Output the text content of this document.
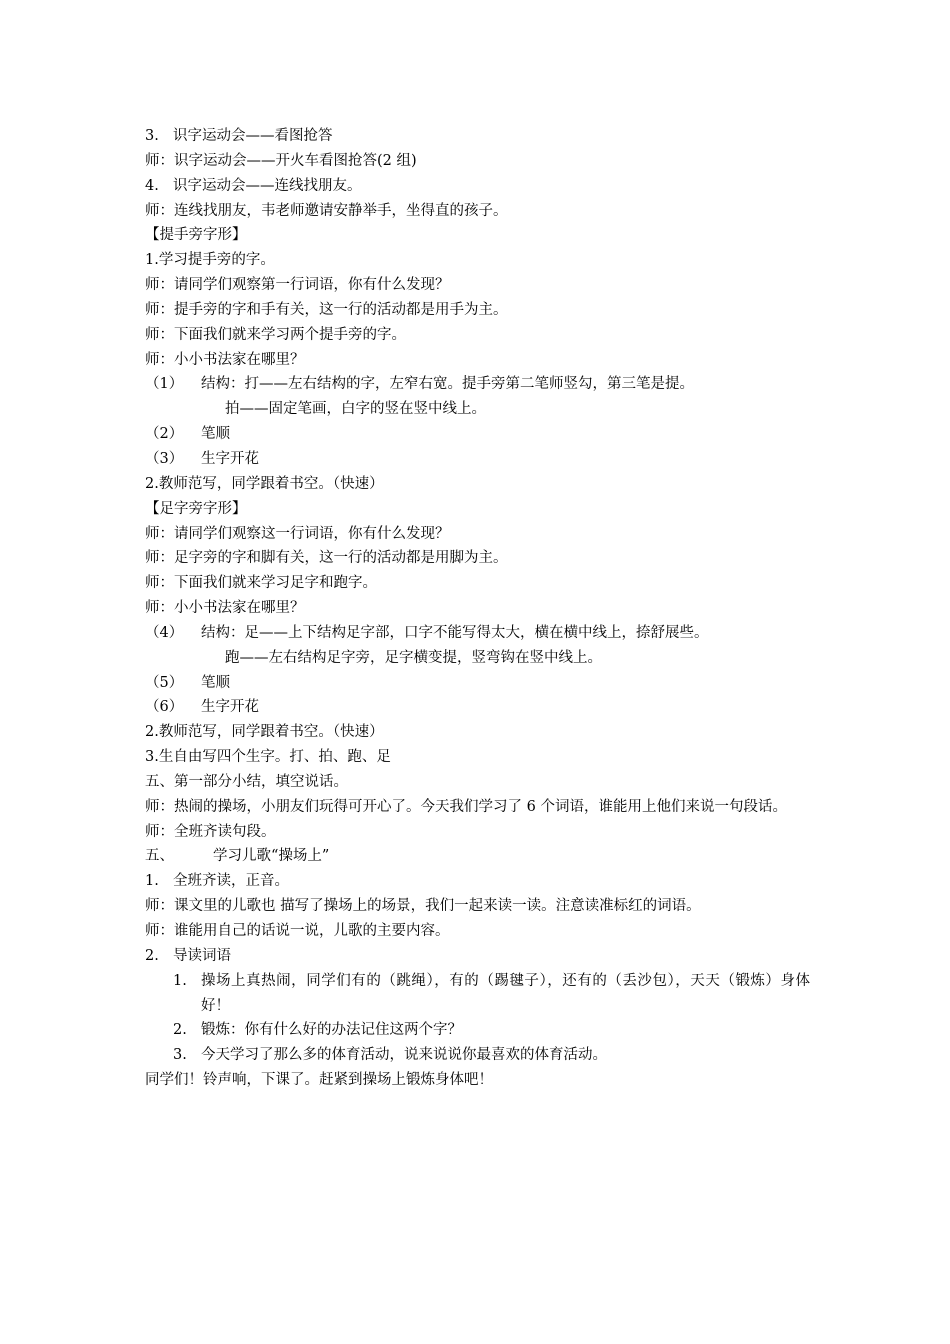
3. 识字运动会——看图抢答
师：识字运动会——开火车看图抢答(2 组)
4. 识字运动会——连线找朋友。
师：连线找朋友，韦老师邀请安静举手，坐得直的孩子。
【提手旁字形】
1.学习提手旁的字。
师：请同学们观察第一行词语，你有什么发现？
师：提手旁的字和手有关，这一行的活动都是用手为主。
师：下面我们就来学习两个提手旁的字。
师：小小书法家在哪里？
（1） 结构：打——左右结构的字，左窄右宽。提手旁第二笔师竖勾，第三笔是提。
拍——固定笔画，白字的竖在竖中线上。
（2） 笔顺
（3） 生字开花
2.教师范写，同学跟着书空。（快速）
【足字旁字形】
师：请同学们观察这一行词语，你有什么发现？
师：足字旁的字和脚有关，这一行的活动都是用脚为主。
师：下面我们就来学习足字和跑字。
师：小小书法家在哪里？
（4） 结构：足——上下结构足字部，口字不能写得太大，横在横中线上，捺舒展些。
跑——左右结构足字旁，足字横变提，竖弯钩在竖中线上。
（5） 笔顺
（6） 生字开花
2.教师范写，同学跟着书空。（快速）
3.生自由写四个生字。打、拍、跑、足
五、第一部分小结，填空说话。
师：热闹的操场，小朋友们玩得可开心了。今天我们学习了 6 个词语，谁能用上他们来说一句段话。
师：全班齐读句段。
五、	学习儿歌“操场上”
1. 全班齐读，正音。
师：课文里的儿歌也 描写了操场上的场景，我们一起来读一读。注意读准标红的词语。
师：谁能用自己的话说一说，儿歌的主要内容。
2. 导读词语
1. 操场上真热闹，同学们有的（跳绳），有的（踢毽子），还有的（丢沙包），天天（锻炼）身体好！
2. 锻炼：你有什么好的办法记住这两个字？
3. 今天学习了那么多的体育活动，说来说说你最喜欢的体育活动。
同学们！铃声响，下课了。赶紧到操场上锻炼身体吧！
